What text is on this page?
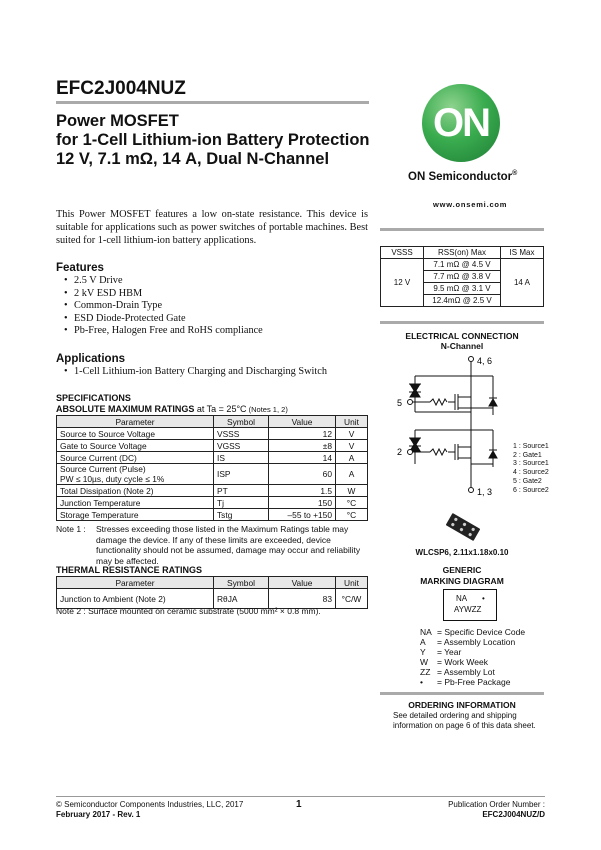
EFC2J004NUZ
Power MOSFET
for 1-Cell Lithium-ion Battery Protection
12 V, 7.1 mΩ, 14 A, Dual N-Channel
This Power MOSFET features a low on-state resistance. This device is suitable for applications such as power switches of portable machines. Best suited for 1-cell lithium-ion battery applications.
Features
• 2.5 V Drive
• 2 kV ESD HBM
• Common-Drain Type
• ESD Diode-Protected Gate
• Pb-Free, Halogen Free and RoHS compliance
Applications
• 1-Cell Lithium-ion Battery Charging and Discharging Switch
SPECIFICATIONS
ABSOLUTE MAXIMUM RATINGS at Ta = 25°C (Notes 1, 2)
Parameter	Symbol	Value	Unit
Source to Source Voltage	VSSS	12	V
Gate to Source Voltage	VGSS	±8	V
Source Current (DC)	IS	14	A

Source Current (Pulse)
PW ≤ 10µs, duty cycle ≤ 1%	ISP	60	A
Total Dissipation (Note 2)	PT	1.5	W
Junction Temperature	Tj	150	°C
Storage Temperature	Tstg	–55 to +150	°C
Note 1 :	Stresses exceeding those listed in the Maximum Ratings table may damage the device. If any of these limits are exceeded, device functionality should not be assumed, damage may occur and reliability may be affected.
THERMAL RESISTANCE RATINGS
Parameter	Symbol	Value	Unit
Junction to Ambient (Note 2)	RθJA	83	°C/W
Note 2 : Surface mounted on ceramic substrate (5000 mm² × 0.8 mm).
ON
ON Semiconductor®
www.onsemi.com
VSSS	RSS(on) Max	IS Max
12 V	7.1 mΩ @ 4.5 V	14 A
	7.7 mΩ @ 3.8 V	
	9.5 mΩ @ 3.1 V	
	12.4mΩ @ 2.5 V	
ELECTRICAL CONNECTION
N-Channel
4, 6
1, 3
5
2
1 : Source1
2 : Gate1
3 : Source1
4 : Source2
5 : Gate2
6 : Source2
WLCSP6, 2.11x1.18x0.10
GENERIC
MARKING DIAGRAM
NA •
AYWZZ
NA = Specific Device Code
A = Assembly Location
Y = Year
W = Work Week
ZZ = Assembly Lot
• = Pb-Free Package
ORDERING INFORMATION
See detailed ordering and shipping
information on page 6 of this data sheet.
© Semiconductor Components Industries, LLC, 2017
February 2017 - Rev. 1
1	Publication Order Number :
EFC2J004NUZ/D
